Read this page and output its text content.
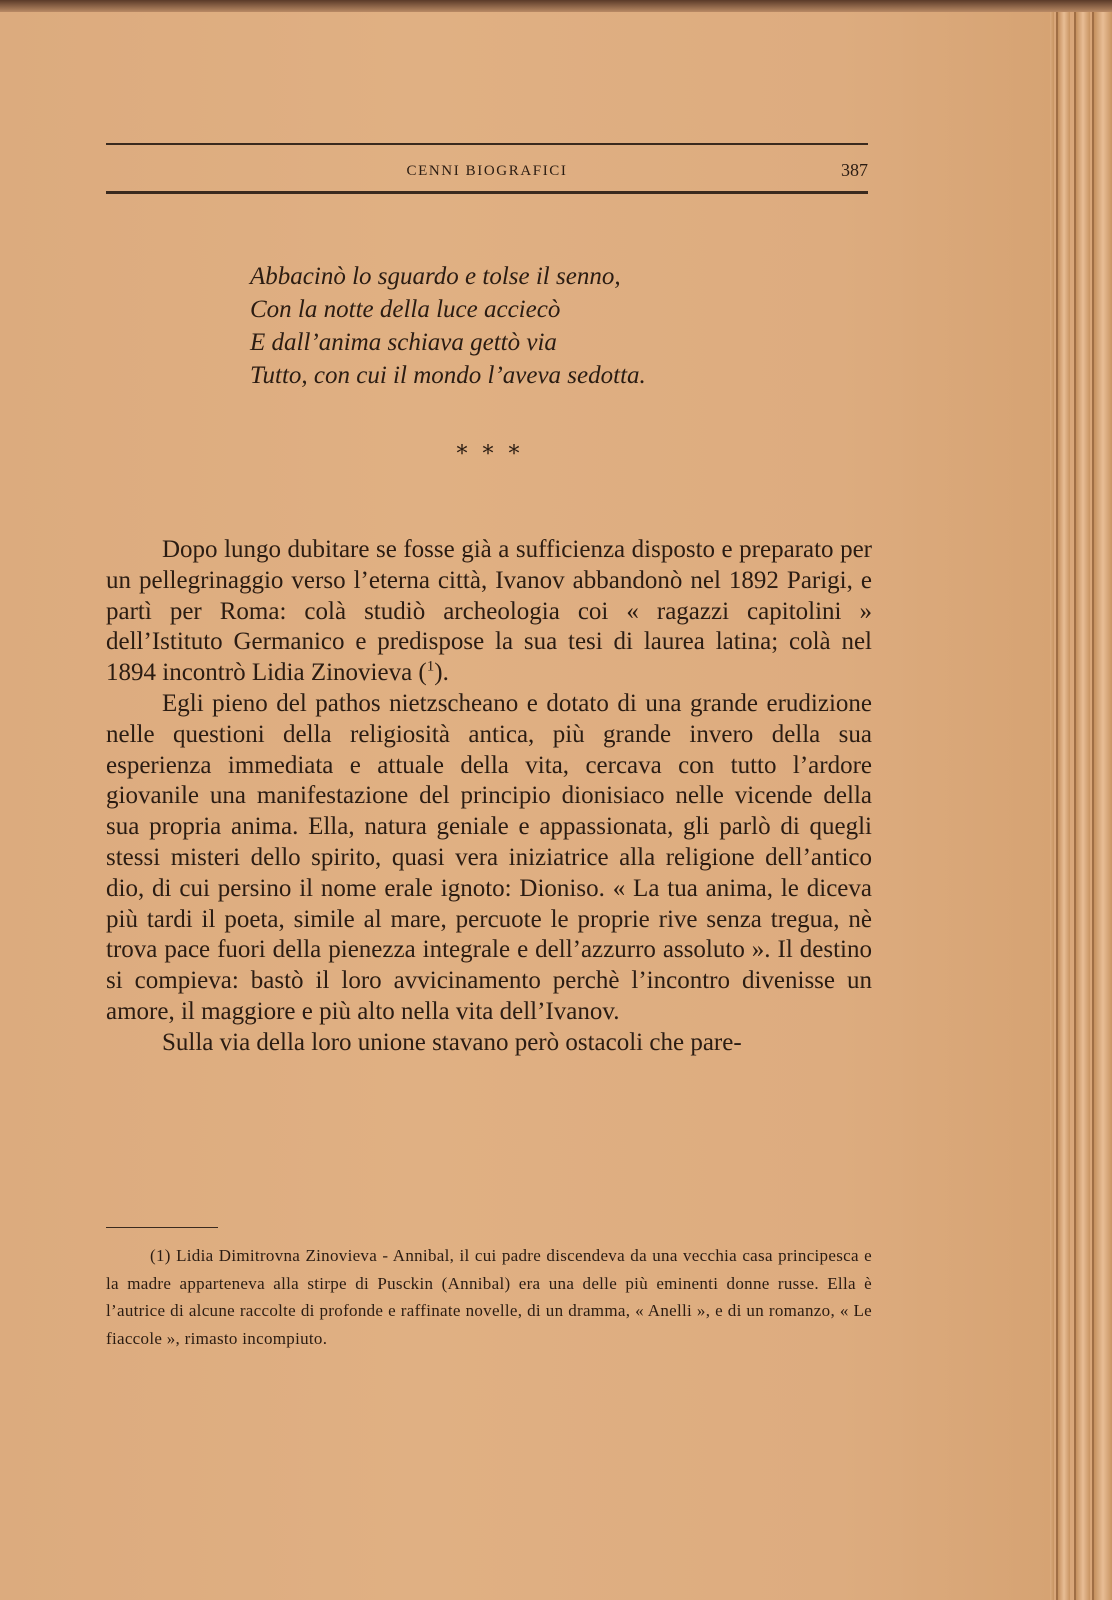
CENNI BIOGRAFICI	387
Abbacinò lo sguardo e tolse il senno,
Con la notte della luce acciecò
E dall’anima schiava gettò via
Tutto, con cui il mondo l’aveva sedotta.
* * *

Dopo lungo dubitare se fosse già a sufficienza disposto e preparato per un pellegrinaggio verso l’eterna città, Ivanov abbandonò nel 1892 Parigi, e partì per Roma: colà studiò archeologia coi « ragazzi capitolini » dell’Istituto Germanico e predispose la sua tesi di laurea latina; colà nel 1894 incontrò Lidia Zinovieva ($^1$).

Egli pieno del pathos nietzscheano e dotato di una grande erudizione nelle questioni della religiosità antica, più grande invero della sua esperienza immediata e attuale della vita, cercava con tutto l’ardore giovanile una manifestazione del principio dionisiaco nelle vicende della sua propria anima. Ella, natura geniale e appassionata, gli parlò di quegli stessi misteri dello spirito, quasi vera iniziatrice alla religione dell’antico dio, di cui persino il nome erale ignoto: Dioniso. « La tua anima, le diceva più tardi il poeta, simile al mare, percuote le proprie rive senza tregua, nè trova pace fuori della pienezza integrale e dell’azzurro assoluto ». Il destino si compieva: bastò il loro avvicinamento perchè l’incontro divenisse un amore, il maggiore e più alto nella vita dell’Ivanov.

Sulla via della loro unione stavano però ostacoli che pare-

(1) Lidia Dimitrovna Zinovieva - Annibal, il cui padre discendeva da una vecchia casa principesca e la madre apparteneva alla stirpe di Pusckin (Annibal) era una delle più eminenti donne russe. Ella è l’autrice di alcune raccolte di profonde e raffinate novelle, di un dramma, « Anelli », e di un romanzo, « Le fiaccole », rimasto incompiuto.
